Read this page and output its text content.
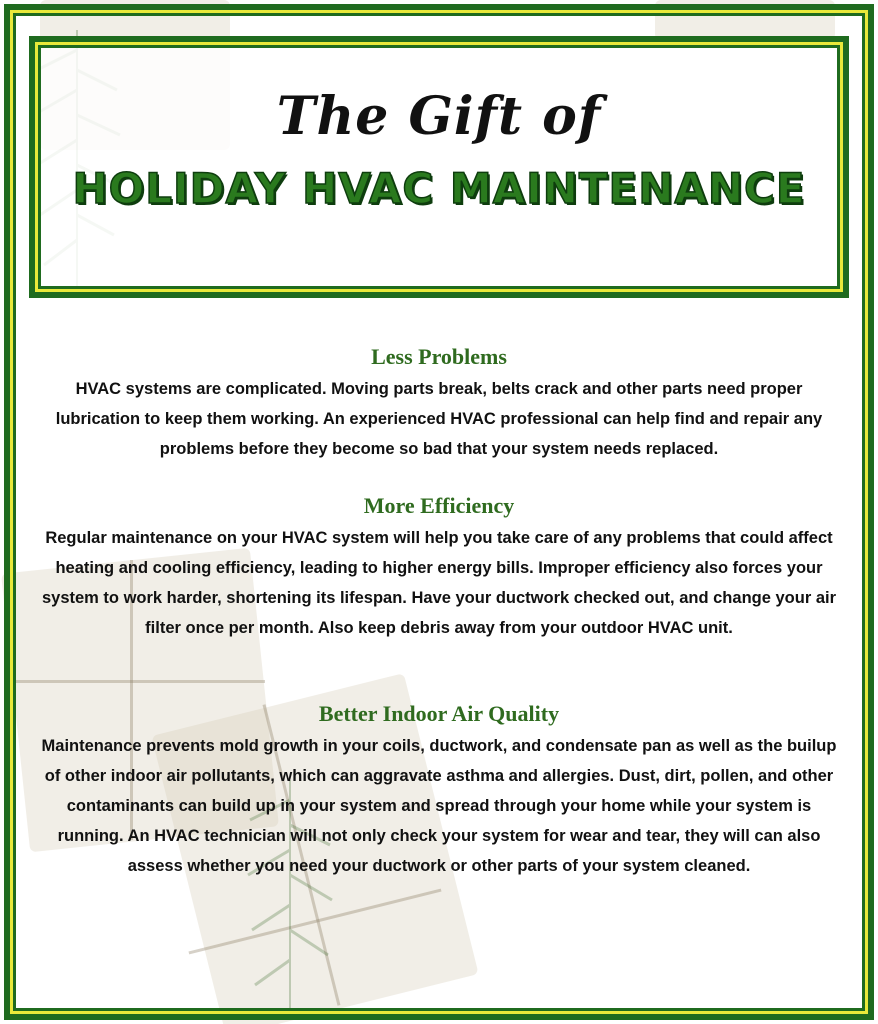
The Gift of
HOLIDAY HVAC MAINTENANCE
Less Problems

HVAC systems are complicated. Moving parts break, belts crack and other parts need proper lubrication to keep them working. An experienced HVAC professional can help find and repair any problems before they become so bad that your system needs replaced.

More Efficiency

Regular maintenance on your HVAC system will help you take care of any problems that could affect heating and cooling efficiency, leading to higher energy bills. Improper efficiency also forces your system to work harder, shortening its lifespan. Have your ductwork checked out, and change your air filter once per month. Also keep debris away from your outdoor HVAC unit.

Better Indoor Air Quality

Maintenance prevents mold growth in your coils, ductwork, and condensate pan as well as the builup of other indoor air pollutants, which can aggravate asthma and allergies. Dust, dirt, pollen, and other contaminants can build up in your system and spread through your home while your system is running. An HVAC technician will not only check your system for wear and tear, they will can also assess whether you need your ductwork or other parts of your system cleaned.
